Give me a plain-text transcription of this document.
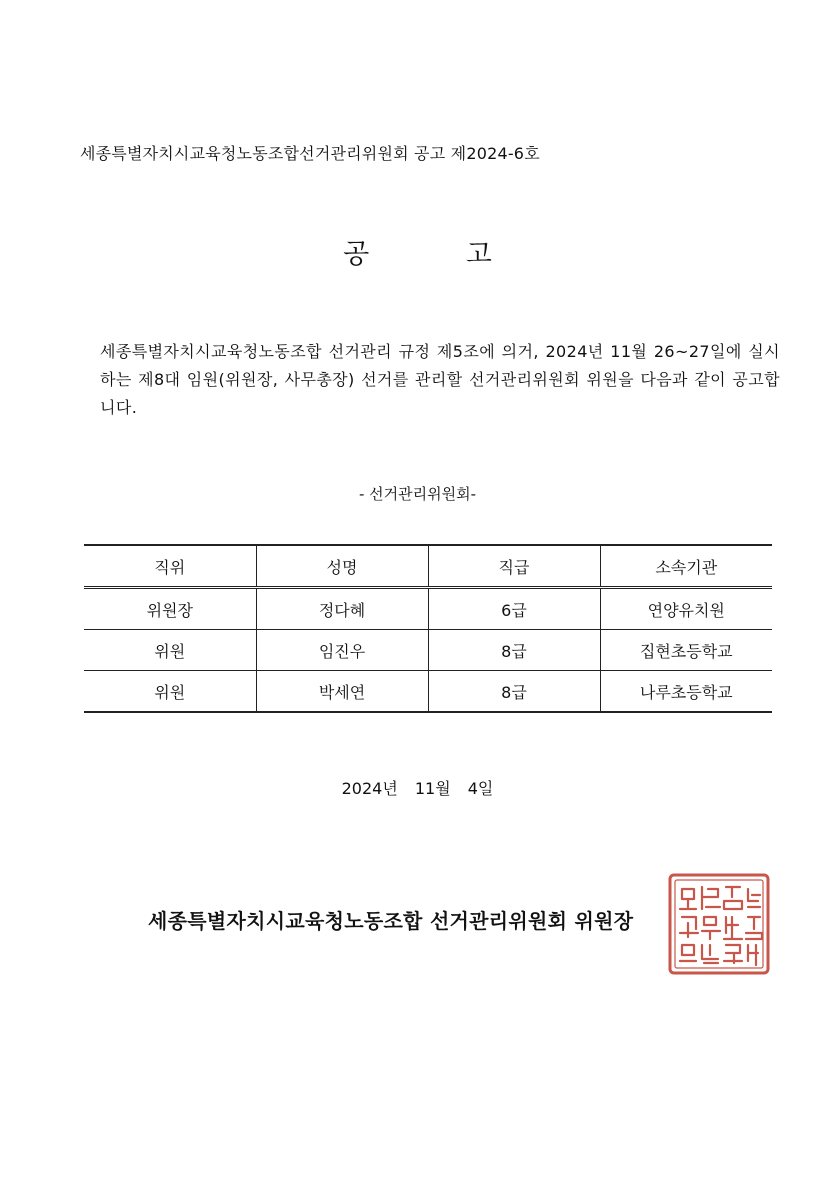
세종특별자치시교육청노동조합선거관리위원회 공고 제2024-6호
공 고
세종특별자치시교육청노동조합 선거관리 규정 제5조에 의거, 2024년 11월 26~27일에 실시하는 제8대 임원(위원장, 사무총장) 선거를 관리할 선거관리위원회 위원을 다음과 같이 공고합니다.
- 선거관리위원회-
직위	성명	직급	소속기관
위원장	정다혜	6급	연양유치원
위원	임진우	8급	집현초등학교
위원	박세연	8급	나루초등학교
2024년 11월 4일
세종특별자치시교육청노동조합 선거관리위원회 위원장
